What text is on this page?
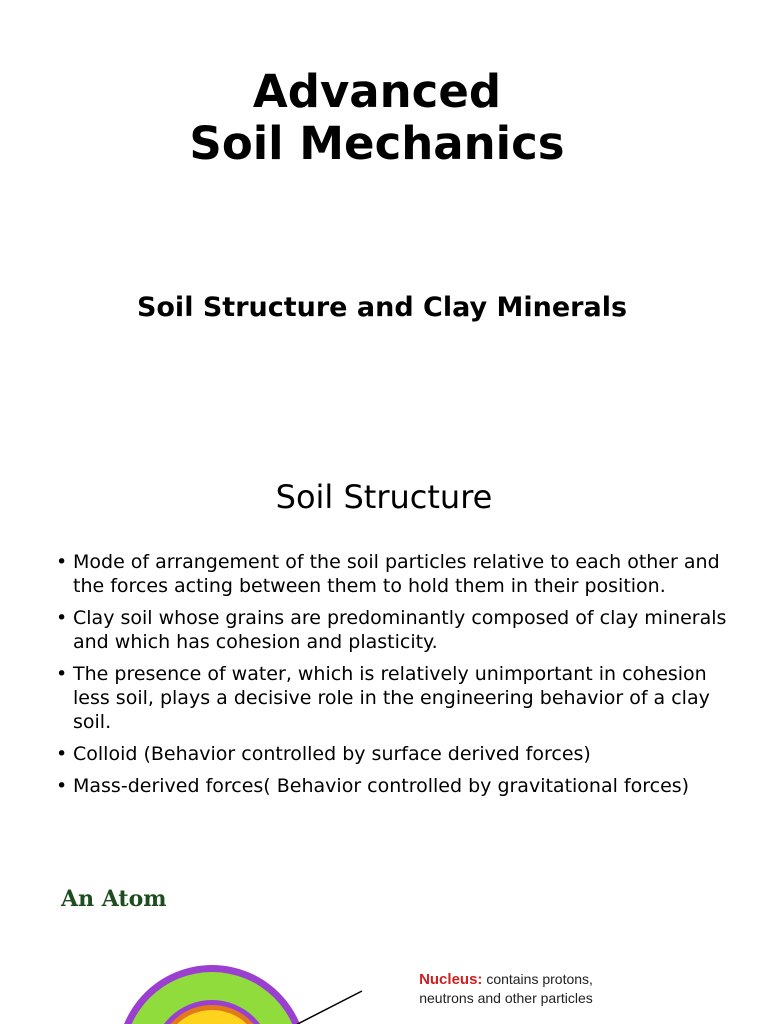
Advanced
Soil Mechanics
Soil Structure and Clay Minerals
Soil Structure
• Mode of arrangement of the soil particles relative to each other and the forces acting between them to hold them in their position.
• Clay soil whose grains are predominantly composed of clay minerals and which has cohesion and plasticity.
• The presence of water, which is relatively unimportant in cohesion less soil, plays a decisive role in the engineering behavior of a clay soil.
• Colloid (Behavior controlled by surface derived forces)
• Mass-derived forces( Behavior controlled by gravitational forces)
An Atom
Nucleus: contains protons,
neutrons and other particles
